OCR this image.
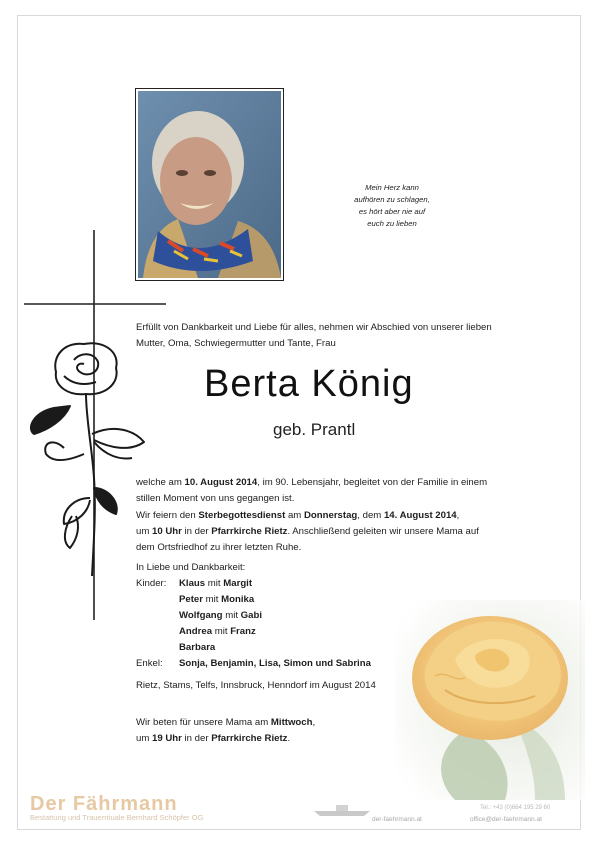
Mein Herz kann
aufhören zu schlagen,
es hört aber nie auf
euch zu lieben
Erfüllt von Dankbarkeit und Liebe für alles, nehmen wir Abschied von unserer lieben
Mutter, Oma, Schwiegermutter und Tante, Frau
Berta König
geb. Prantl
welche am 10. August 2014, im 90. Lebensjahr, begleitet von der Familie in einem
stillen Moment von uns gegangen ist.
Wir feiern den Sterbegottesdienst am Donnerstag, dem 14. August 2014,
um 10 Uhr in der Pfarrkirche Rietz. Anschließend geleiten wir unsere Mama auf
dem Ortsfriedhof zu ihrer letzten Ruhe.
In Liebe und Dankbarkeit:
Kinder: Klaus mit Margit
Peter mit Monika
Wolfgang mit Gabi
Andrea mit Franz
Barbara
Enkel: Sonja, Benjamin, Lisa, Simon und Sabrina
Rietz, Stams, Telfs, Innsbruck, Henndorf im August 2014
Wir beten für unsere Mama am Mittwoch,
um 19 Uhr in der Pfarrkirche Rietz.
Der Fährmann
Bestattung und Trauerrituale Bernhard Schöpfer OG
Tel.: +43 (0)664 195 29 60
der-faehrmann.at	office@der-faehrmann.at
